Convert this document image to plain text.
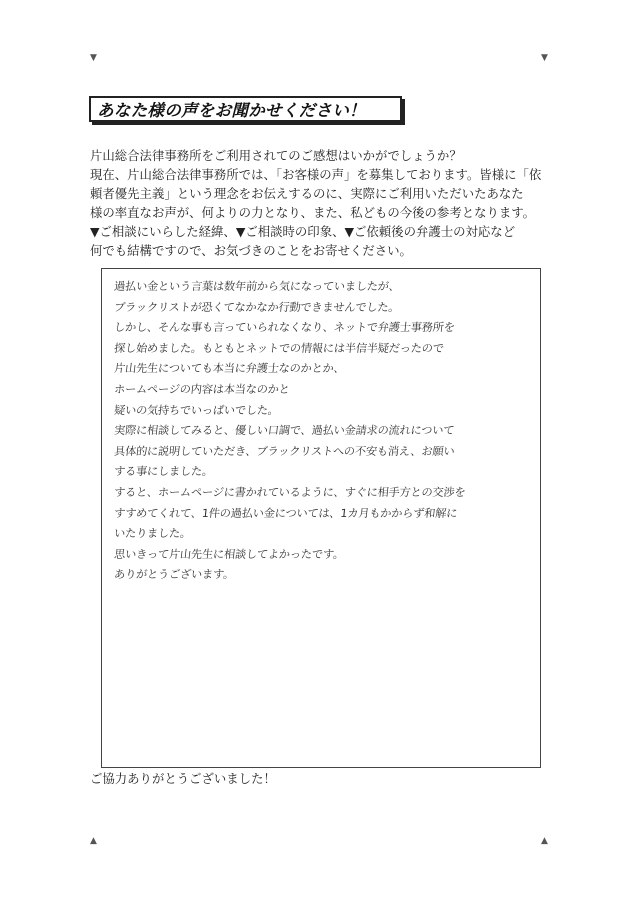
▼	▼
▲	▲
あなた様の声をお聞かせください！
片山総合法律事務所をご利用されてのご感想はいかがでしょうか？
現在、片山総合法律事務所では、「お客様の声」を募集しております。皆様に「依
頼者優先主義」という理念をお伝えするのに、実際にご利用いただいたあなた
様の率直なお声が、何よりの力となり、また、私どもの今後の参考となります。
▼ご相談にいらした経緯、▼ご相談時の印象、▼ご依頼後の弁護士の対応など
何でも結構ですので、お気づきのことをお寄せください。
過払い金という言葉は数年前から気になっていましたが、
ブラックリストが恐くてなかなか行動できませんでした。
しかし、そんな事も言っていられなくなり、ネットで弁護士事務所を
探し始めました。もともとネットでの情報には半信半疑だったので
片山先生についても本当に弁護士なのかとか、
ホームページの内容は本当なのかと
疑いの気持ちでいっぱいでした。
実際に相談してみると、優しい口調で、過払い金請求の流れについて
具体的に説明していただき、ブラックリストへの不安も消え、お願い
する事にしました。
すると、ホームページに書かれているように、すぐに相手方との交渉を
すすめてくれて、1件の過払い金については、1カ月もかからず和解に
いたりました。
思いきって片山先生に相談してよかったです。
ありがとうございます。
ご協力ありがとうございました！
